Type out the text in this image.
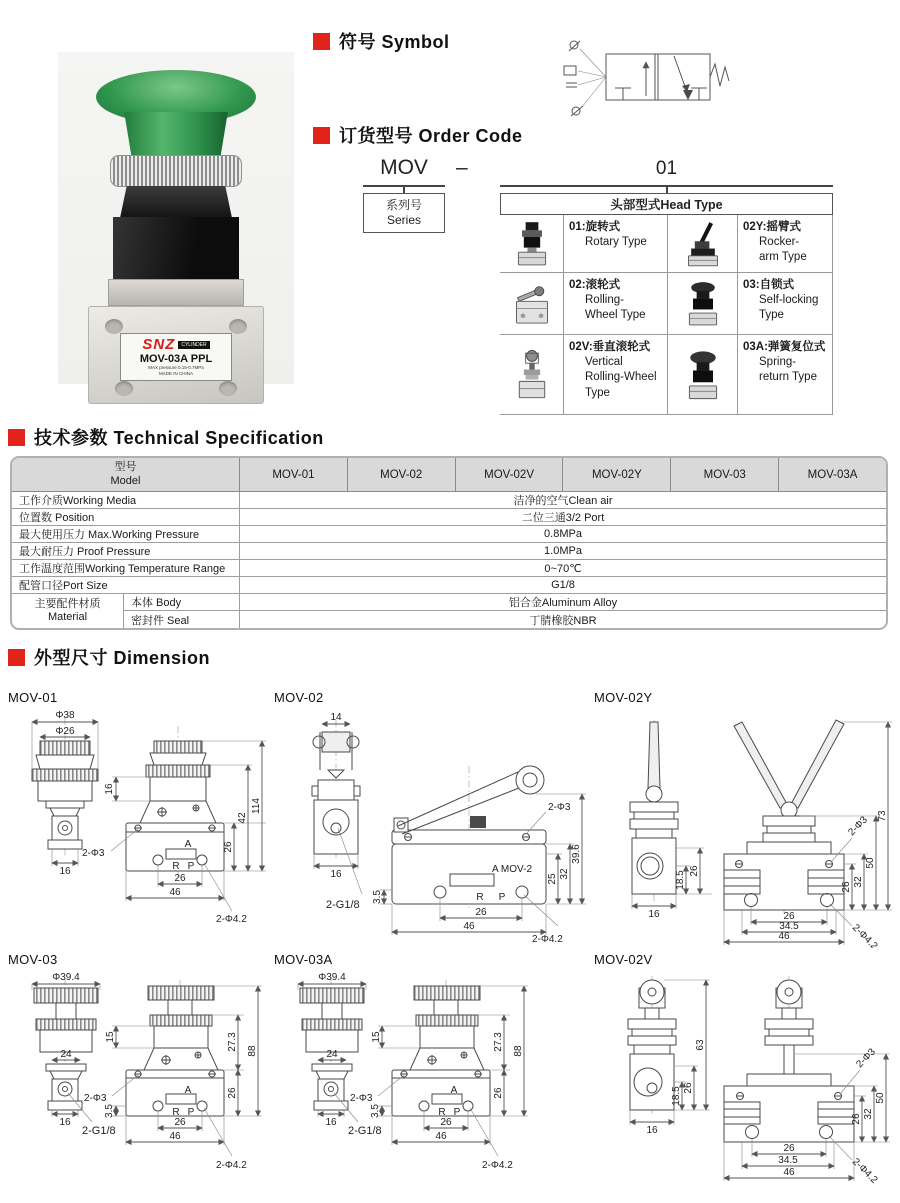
SNZ	CYLINDER
MOV-03A PPL
MAX pressure 0.15-0.7MPa
MADE IN CHINA
符号 Symbol
订货型号 Order Code
MOV	–	01
系列号
Series
头部型式Head Type
01:旋转式
Rotary Type
02Y:摇臂式
Rocker-
arm Type
02:滚轮式
Rolling-
Wheel Type
03:自锁式
Self-locking
Type
02V:垂直滚轮式
Vertical
Rolling-Wheel
Type
03A:弹簧复位式
Spring-
return Type
技术参数 Technical Specification
型号
Model	MOV-01	MOV-02	MOV-02V	MOV-02Y	MOV-03	MOV-03A
工作介质Working Media	洁净的空气Clean air
位置数 Position	二位三通3/2 Port
最大使用压力 Max.Working Pressure	0.8MPa
最大耐压力 Proof Pressure	1.0MPa
工作温度范围Working Temperature Range	0~70℃
配管口径Port Size	G1/8
主要配件材质
Material
本体 Body	铝合金Aluminum Alloy
密封件 Seal	丁腈橡胶NBR
外型尺寸 Dimension
MOV-01
Φ38
Φ26
16
A
R P
16
26
42
114
26
46
2-Φ3
2-Φ4.2
MOV-02
14
16
2-G1/8
A MOV-2
R P
25 32
39.6
3.5
26
46
2-Φ3
2-Φ4.2
MOV-02Y
18.5 26
16
26 32
50
73
26
34.5
46
2-Φ3
2-Φ4.2
MOV-03
Φ39.4
24
16
2-G1/8
A
R P
15
3.5
27.3
26
88
26
46
2-Φ3
2-Φ4.2
MOV-03A
Φ39.4
24
16
2-G1/8
A
R P
15
3.5
27.3
26
88
26
46
2-Φ3
2-Φ4.2
MOV-02V
18.5 26
63
16
26 32
50
26
34.5
46
2-Φ3
2-Φ4.2
